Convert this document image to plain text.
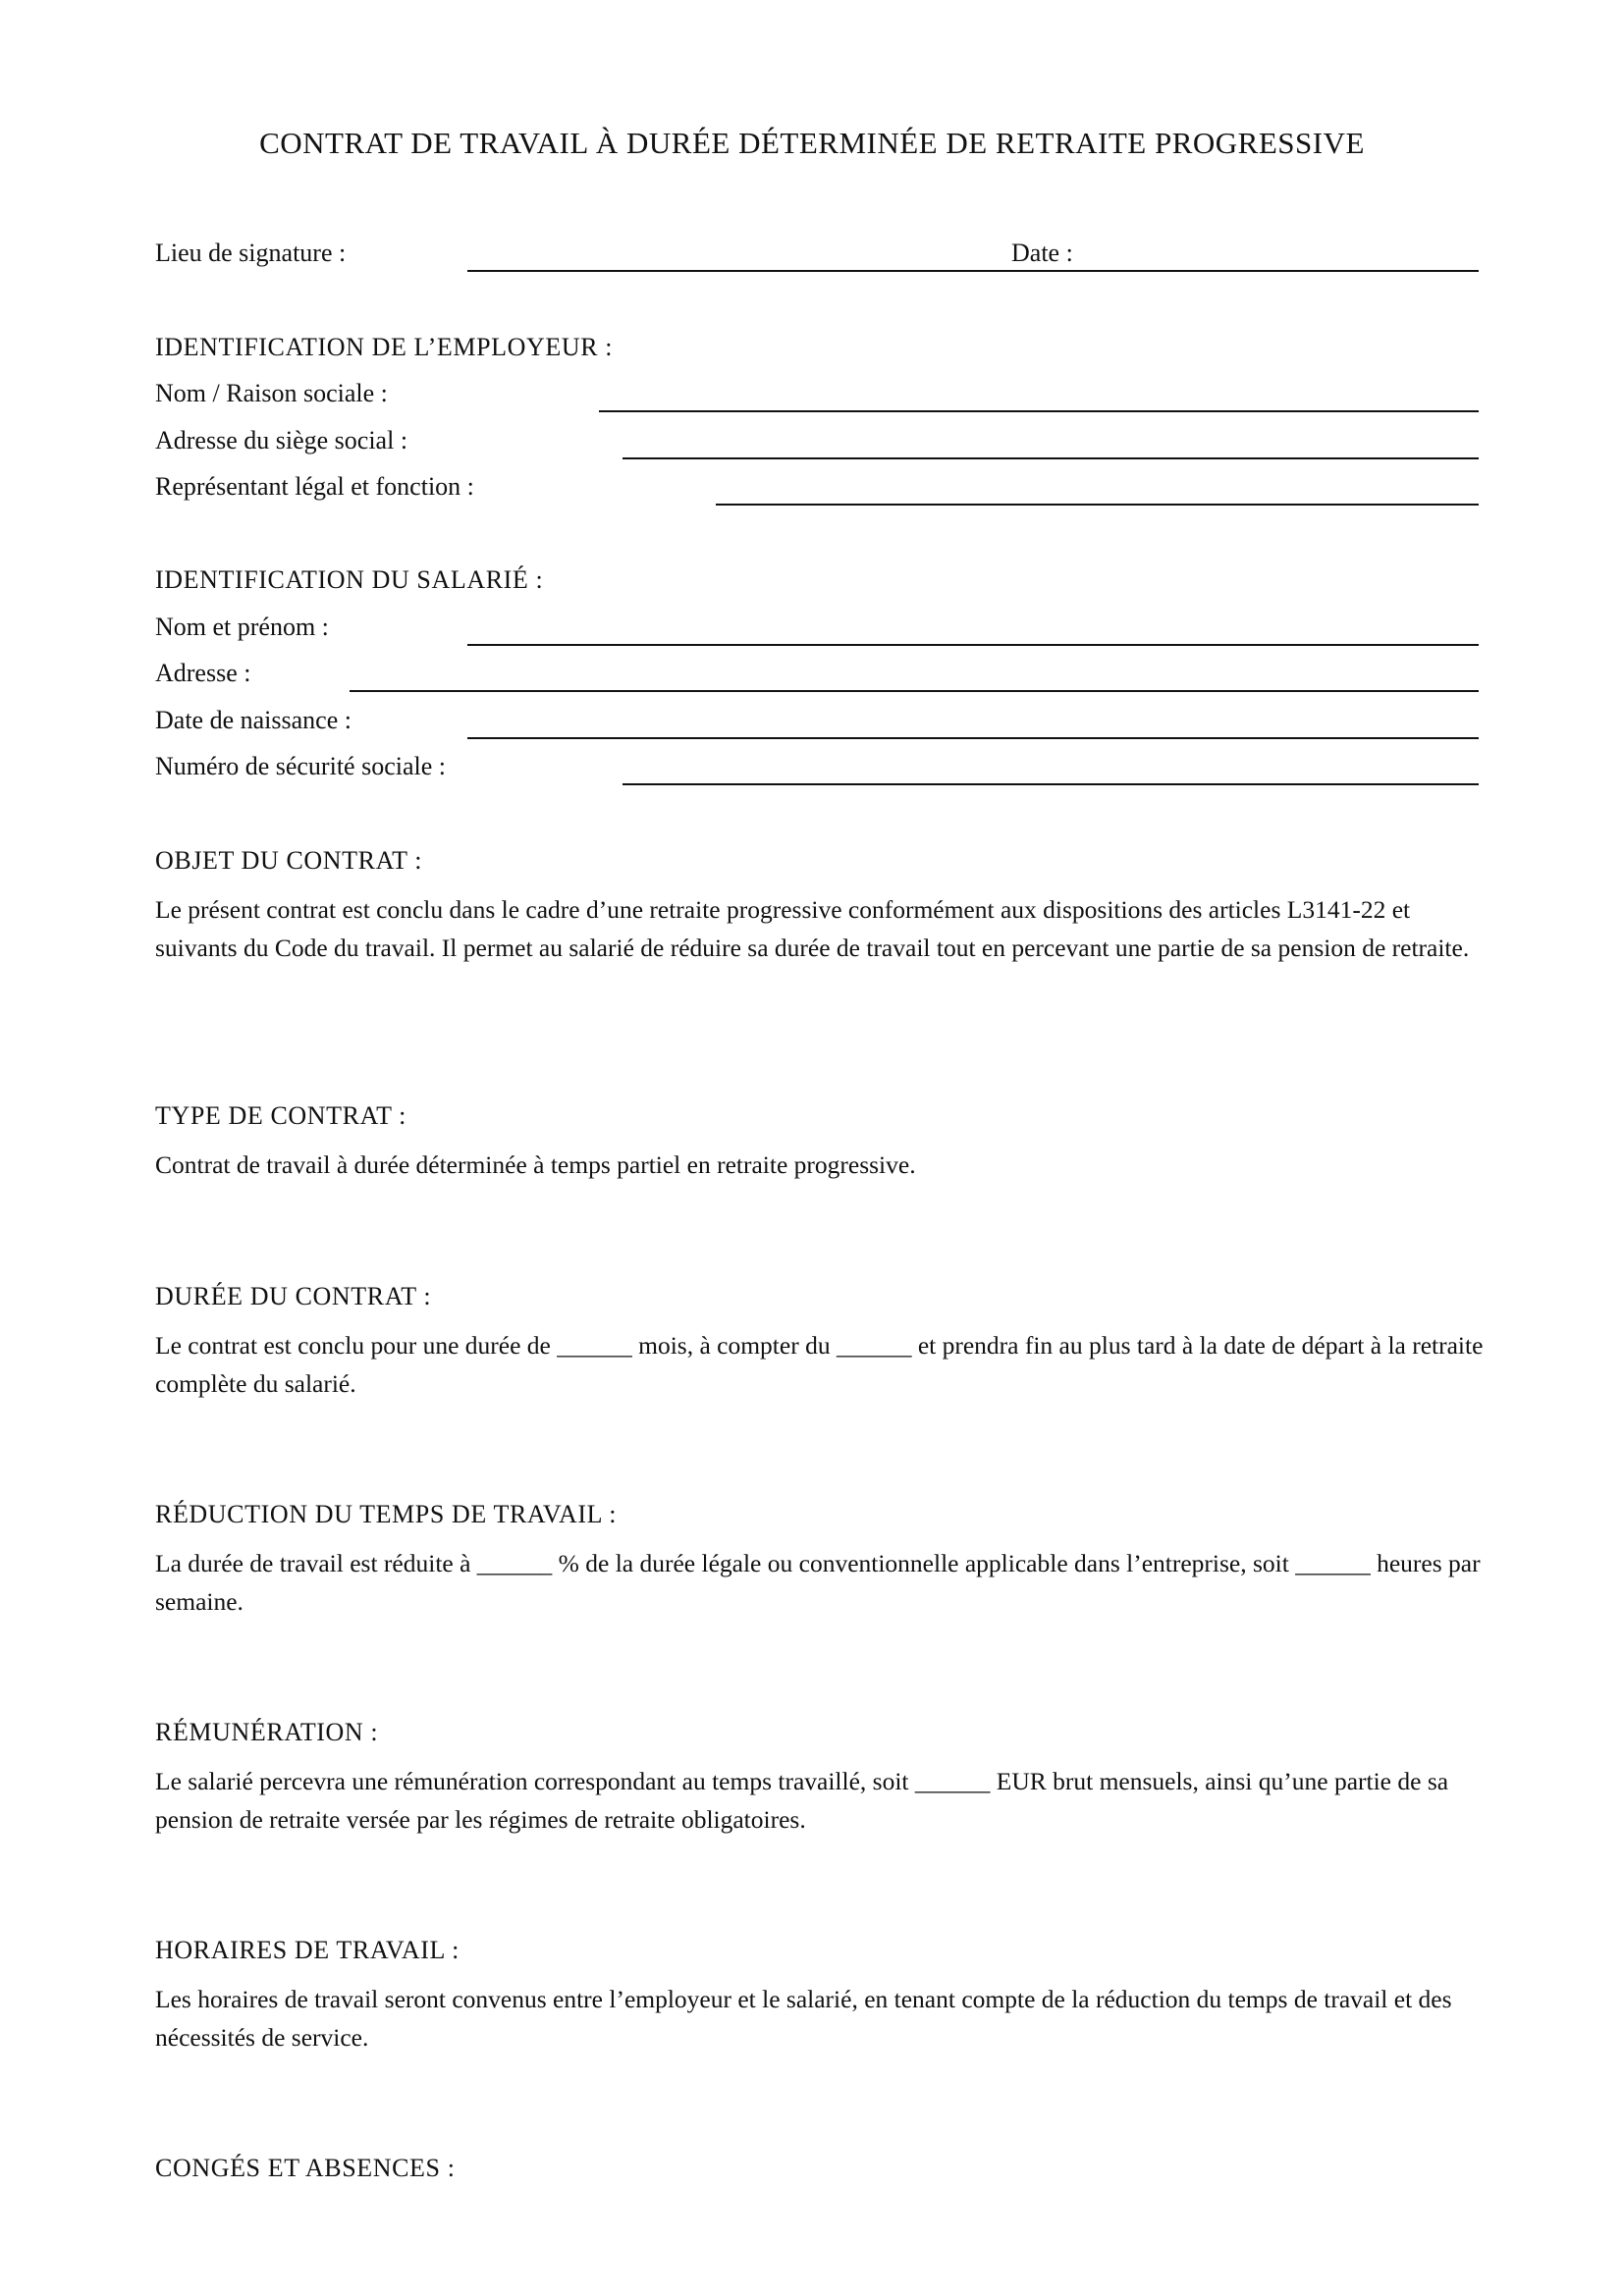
CONTRAT DE TRAVAIL À DURÉE DÉTERMINÉE DE RETRAITE PROGRESSIVE
Lieu de signature :	Date :
IDENTIFICATION DE L’EMPLOYEUR :
Nom / Raison sociale :
Adresse du siège social :
Représentant légal et fonction :
IDENTIFICATION DU SALARIÉ :
Nom et prénom :
Adresse :
Date de naissance :
Numéro de sécurité sociale :
OBJET DU CONTRAT :

Le présent contrat est conclu dans le cadre d’une retraite progressive conformément aux dispositions des articles L3141-22 et suivants du Code du travail. Il permet au salarié de réduire sa durée de travail tout en percevant une partie de sa pension de retraite.

TYPE DE CONTRAT :

Contrat de travail à durée déterminée à temps partiel en retraite progressive.

DURÉE DU CONTRAT :

Le contrat est conclu pour une durée de ______ mois, à compter du ______ et prendra fin au plus tard à la date de départ à la retraite complète du salarié.

RÉDUCTION DU TEMPS DE TRAVAIL :

La durée de travail est réduite à ______ % de la durée légale ou conventionnelle applicable dans l’entreprise, soit ______ heures par semaine.

RÉMUNÉRATION :

Le salarié percevra une rémunération correspondant au temps travaillé, soit ______ EUR brut mensuels, ainsi qu’une partie de sa pension de retraite versée par les régimes de retraite obligatoires.

HORAIRES DE TRAVAIL :

Les horaires de travail seront convenus entre l’employeur et le salarié, en tenant compte de la réduction du temps de travail et des nécessités de service.

CONGÉS ET ABSENCES :
